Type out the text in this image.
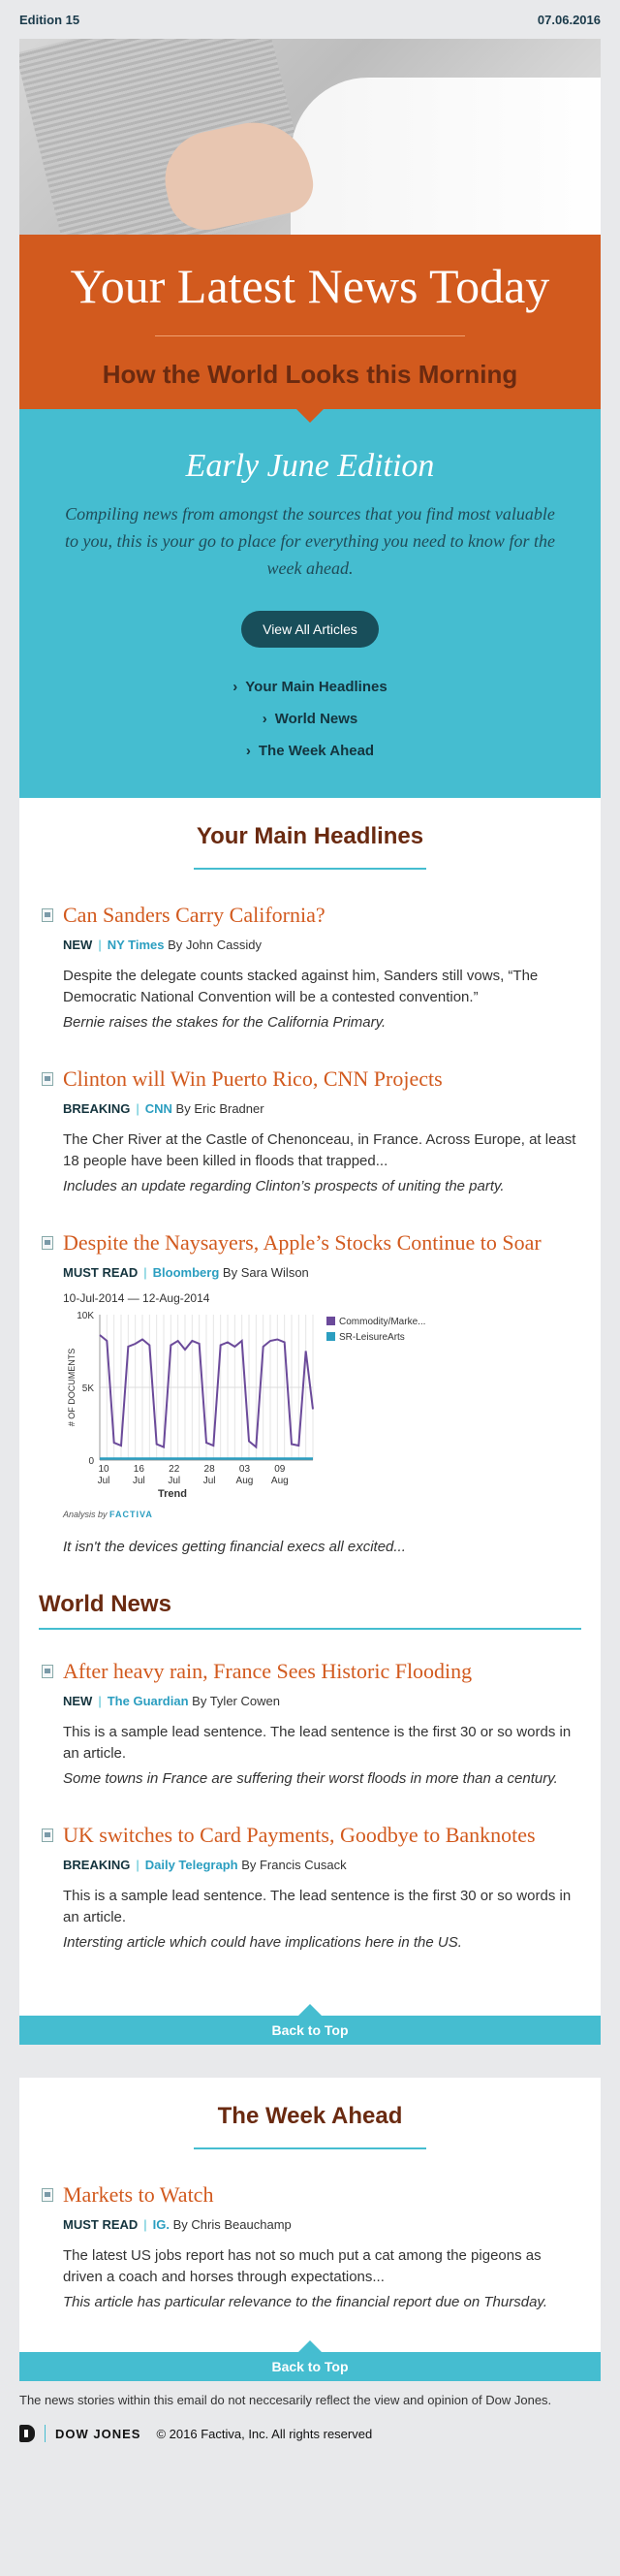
Edition 15	07.06.2016
Your Latest News Today
How the World Looks this Morning
Early June Edition

Compiling news from amongst the sources that you find most valuable to you, this is your go to place for everything you need to know for the week ahead.

View All Articles
› Your Main Headlines
› World News
› The Week Ahead
Your Main Headlines
Can Sanders Carry California?
NEW | NY Times By John Cassidy
Despite the delegate counts stacked against him, Sanders still vows, “The Democratic National Convention will be a contested convention.”
Bernie raises the stakes for the California Primary.
Clinton will Win Puerto Rico, CNN Projects
BREAKING | CNN By Eric Bradner
The Cher River at the Castle of Chenonceau, in France. Across Europe, at least 18 people have been killed in floods that trapped...
Includes an update regarding Clinton’s prospects of uniting the party.
Despite the Naysayers, Apple’s Stocks Continue to Soar
MUST READ | Bloomberg By Sara Wilson
10-Jul-2014 — 12-Aug-2014
0
5K
10K
# OF DOCUMENTS
10
Jul
16
Jul
22
Jul
28
Jul
03
Aug
09
Aug
Trend
Commodity/Marke...
SR-LeisureArts
Analysis by FACTIVA
It isn't the devices getting financial execs all excited...
World News
After heavy rain, France Sees Historic Flooding
NEW | The Guardian By Tyler Cowen
This is a sample lead sentence. The lead sentence is the first 30 or so words in an article.
Some towns in France are suffering their worst floods in more than a century.
UK switches to Card Payments, Goodbye to Banknotes
BREAKING | Daily Telegraph By Francis Cusack
This is a sample lead sentence. The lead sentence is the first 30 or so words in an article.
Intersting article which could have implications here in the US.
Back to Top
The Week Ahead
Markets to Watch
MUST READ | IG. By Chris Beauchamp
The latest US jobs report has not so much put a cat among the pigeons as driven a coach and horses through expectations...
This article has particular relevance to the financial report due on Thursday.
Back to Top
The news stories within this email do not neccesarily reflect the view and opinion of Dow Jones.
DOW JONES © 2016 Factiva, Inc. All rights reserved
